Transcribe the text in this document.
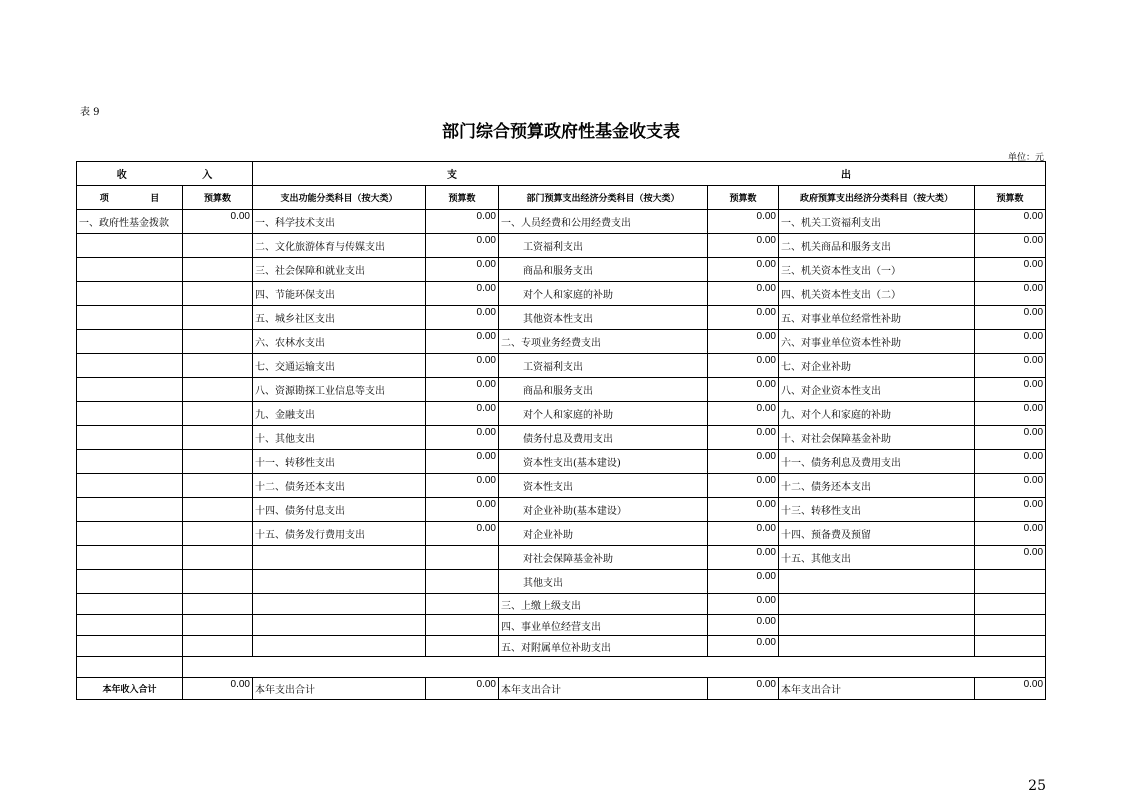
表 9
部门综合预算政府性基金收支表
单位：元
收 入		支 出					

项 目	预算数	支出功能分类科目（按大类）	预算数	部门预算支出经济分类科目（按大类）	预算数	政府预算支出经济分类科目（按大类）	预算数
一、政府性基金拨款	0.00	一、科学技术支出	0.00	一、人员经费和公用经费支出	0.00	一、机关工资福利支出	0.00
		二、文化旅游体育与传媒支出	0.00	工资福利支出	0.00	二、机关商品和服务支出	0.00
		三、社会保障和就业支出	0.00	商品和服务支出	0.00	三、机关资本性支出（一）	0.00
		四、节能环保支出	0.00	对个人和家庭的补助	0.00	四、机关资本性支出（二）	0.00
		五、城乡社区支出	0.00	其他资本性支出	0.00	五、对事业单位经常性补助	0.00
		六、农林水支出	0.00	二、专项业务经费支出	0.00	六、对事业单位资本性补助	0.00
		七、交通运输支出	0.00	工资福利支出	0.00	七、对企业补助	0.00
		八、资源勘探工业信息等支出	0.00	商品和服务支出	0.00	八、对企业资本性支出	0.00
		九、金融支出	0.00	对个人和家庭的补助	0.00	九、对个人和家庭的补助	0.00
		十、其他支出	0.00	债务付息及费用支出	0.00	十、对社会保障基金补助	0.00
		十一、转移性支出	0.00	资本性支出(基本建设)	0.00	十一、债务利息及费用支出	0.00
		十二、债务还本支出	0.00	资本性支出	0.00	十二、债务还本支出	0.00
		十四、债务付息支出	0.00	对企业补助(基本建设）	0.00	十三、转移性支出	0.00
		十五、债务发行费用支出	0.00	对企业补助	0.00	十四、预备费及预留	0.00
				对社会保障基金补助	0.00	十五、其他支出	0.00
				其他支出	0.00		
				三、上缴上级支出	0.00		
				四、事业单位经营支出	0.00		
				五、对附属单位补助支出	0.00		

本年收入合计	0.00	本年支出合计	0.00	本年支出合计	0.00	本年支出合计	0.00
25
